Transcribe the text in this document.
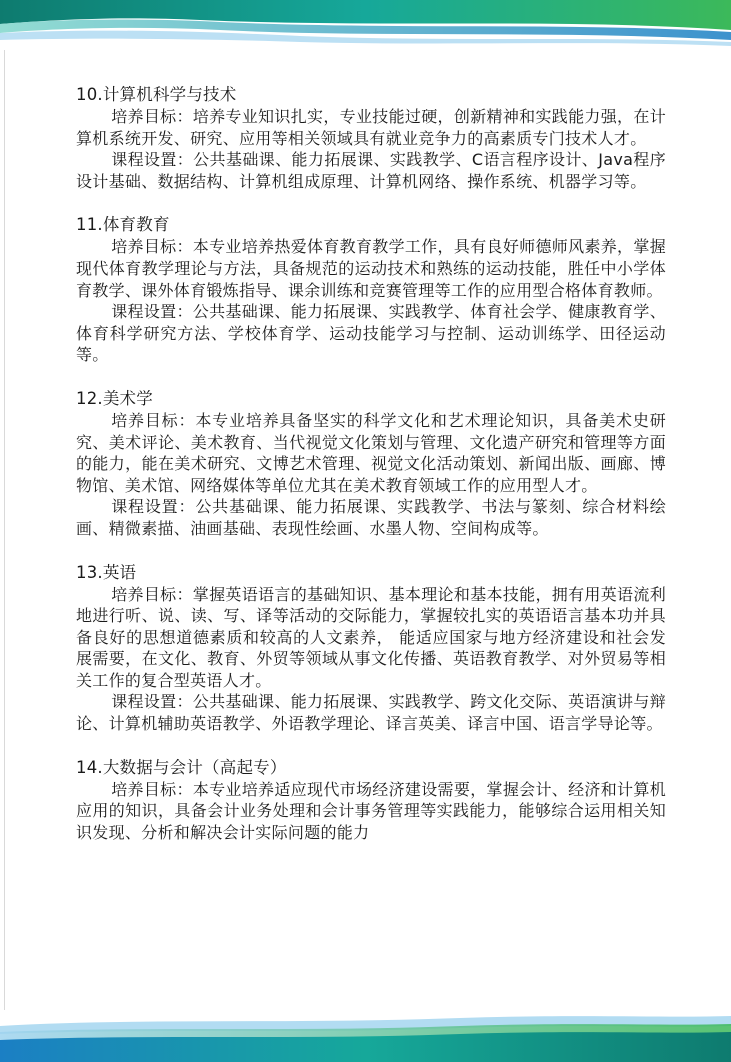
10.计算机科学与技术

培养目标：培养专业知识扎实，专业技能过硬，创新精神和实践能力强，在计算机系统开发、研究、应用等相关领域具有就业竞争力的高素质专门技术人才。

课程设置：公共基础课、能力拓展课、实践教学、C语言程序设计、Java程序设计基础、数据结构、计算机组成原理、计算机网络、操作系统、机器学习等。

11.体育教育

培养目标：本专业培养热爱体育教育教学工作，具有良好师德师风素养，掌握现代体育教学理论与方法，具备规范的运动技术和熟练的运动技能，胜任中小学体育教学、课外体育锻炼指导、课余训练和竞赛管理等工作的应用型合格体育教师。

课程设置：公共基础课、能力拓展课、实践教学、体育社会学、健康教育学、体育科学研究方法、学校体育学、运动技能学习与控制、运动训练学、田径运动等。

12.美术学

培养目标：本专业培养具备坚实的科学文化和艺术理论知识，具备美术史研究、美术评论、美术教育、当代视觉文化策划与管理、文化遗产研究和管理等方面的能力，能在美术研究、文博艺术管理、视觉文化活动策划、新闻出版、画廊、博物馆、美术馆、网络媒体等单位尤其在美术教育领域工作的应用型人才。

课程设置：公共基础课、能力拓展课、实践教学、书法与篆刻、综合材料绘画、精微素描、油画基础、表现性绘画、水墨人物、空间构成等。

13.英语

培养目标：掌握英语语言的基础知识、基本理论和基本技能，拥有用英语流利地进行听、说、读、写、译等活动的交际能力，掌握较扎实的英语语言基本功并具备良好的思想道德素质和较高的人文素养， 能适应国家与地方经济建设和社会发展需要，在文化、教育、外贸等领域从事文化传播、英语教育教学、对外贸易等相关工作的复合型英语人才。

课程设置：公共基础课、能力拓展课、实践教学、跨文化交际、英语演讲与辩论、计算机辅助英语教学、外语教学理论、译言英美、译言中国、语言学导论等。

14.大数据与会计（高起专）

培养目标：本专业培养适应现代市场经济建设需要，掌握会计、经济和计算机应用的知识，具备会计业务处理和会计事务管理等实践能力，能够综合运用相关知识发现、分析和解决会计实际问题的能力
